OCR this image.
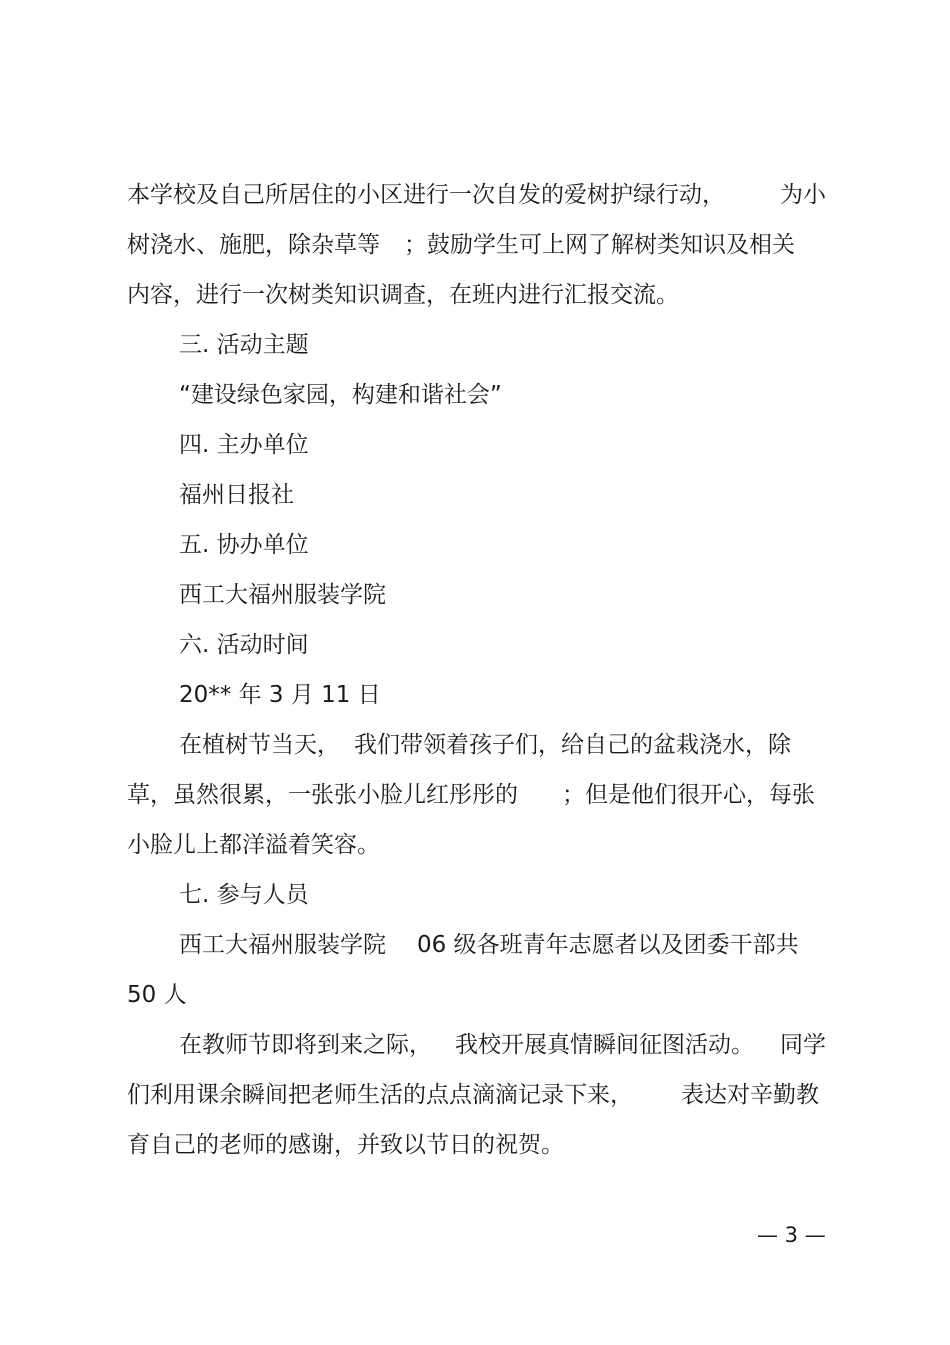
本学校及自己所居住的小区进行一次自发的爱树护绿行动， 为小
树浇水、施肥，除杂草等 ；鼓励学生可上网了解树类知识及相关
内容，进行一次树类知识调查，在班内进行汇报交流。
三. 活动主题
“建设绿色家园，构建和谐社会”
四. 主办单位
福州日报社
五. 协办单位
西工大福州服装学院
六. 活动时间
20** 年 3 月 11 日
在植树节当天， 我们带领着孩子们，给自己的盆栽浇水，除
草，虽然很累，一张张小脸儿红彤彤的 ；但是他们很开心，每张
小脸儿上都洋溢着笑容。
七. 参与人员
西工大福州服装学院 06 级各班青年志愿者以及团委干部共
50 人
在教师节即将到来之际， 我校开展真情瞬间征图活动。 同学
们利用课余瞬间把老师生活的点点滴滴记录下来， 表达对辛勤教
育自己的老师的感谢，并致以节日的祝贺。
— 3 —
